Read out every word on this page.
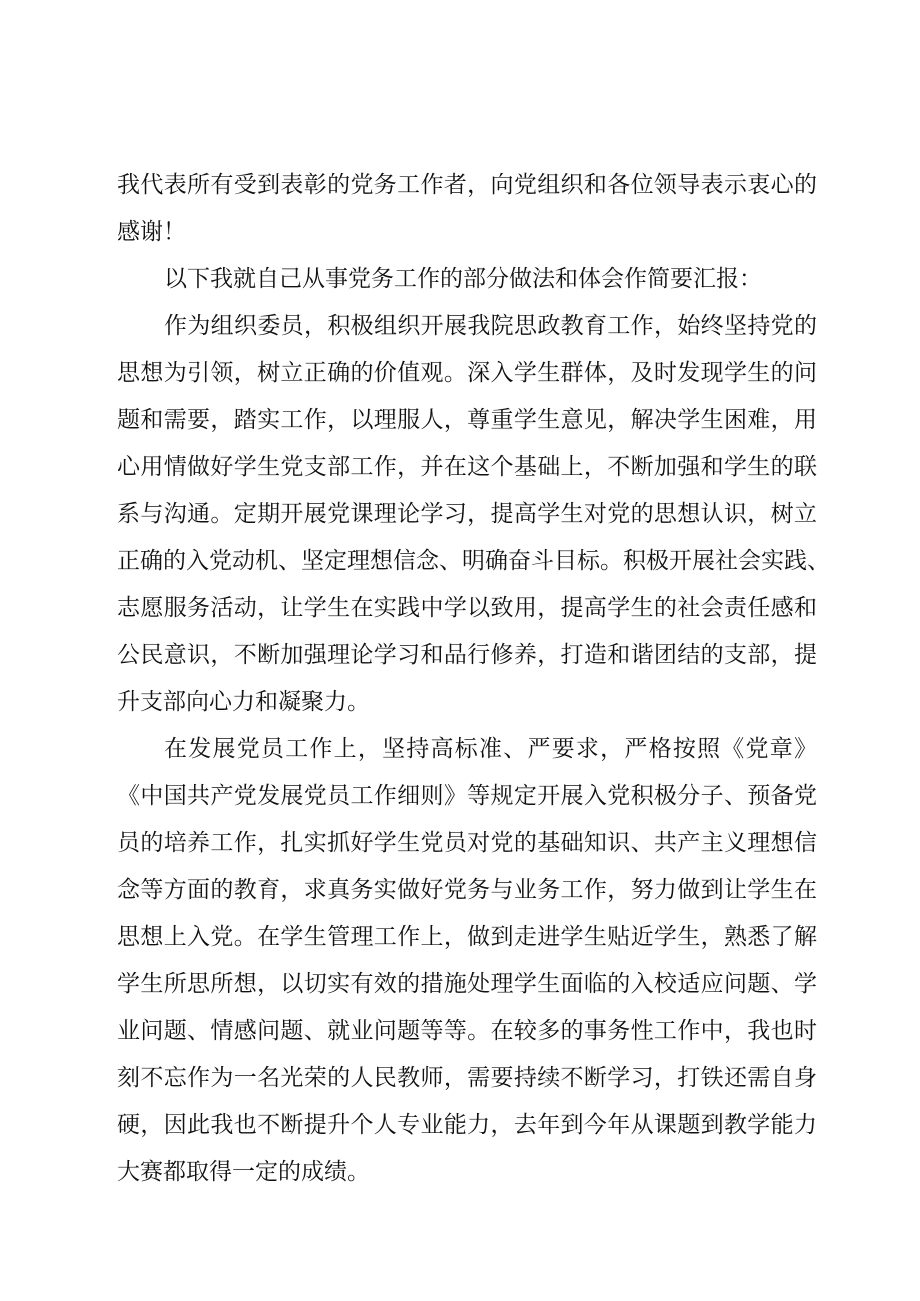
我代表所有受到表彰的党务工作者，向党组织和各位领导表示衷心的
感谢！
以下我就自己从事党务工作的部分做法和体会作简要汇报：
作为组织委员，积极组织开展我院思政教育工作，始终坚持党的
思想为引领，树立正确的价值观。深入学生群体，及时发现学生的问
题和需要，踏实工作，以理服人，尊重学生意见，解决学生困难，用
心用情做好学生党支部工作，并在这个基础上，不断加强和学生的联
系与沟通。定期开展党课理论学习，提高学生对党的思想认识，树立
正确的入党动机、坚定理想信念、明确奋斗目标。积极开展社会实践、
志愿服务活动，让学生在实践中学以致用，提高学生的社会责任感和
公民意识，不断加强理论学习和品行修养，打造和谐团结的支部，提
升支部向心力和凝聚力。
在发展党员工作上，坚持高标准、严要求，严格按照《党章》
《中国共产党发展党员工作细则》等规定开展入党积极分子、预备党
员的培养工作，扎实抓好学生党员对党的基础知识、共产主义理想信
念等方面的教育，求真务实做好党务与业务工作，努力做到让学生在
思想上入党。在学生管理工作上，做到走进学生贴近学生，熟悉了解
学生所思所想，以切实有效的措施处理学生面临的入校适应问题、学
业问题、情感问题、就业问题等等。在较多的事务性工作中，我也时
刻不忘作为一名光荣的人民教师，需要持续不断学习，打铁还需自身
硬，因此我也不断提升个人专业能力，去年到今年从课题到教学能力
大赛都取得一定的成绩。
